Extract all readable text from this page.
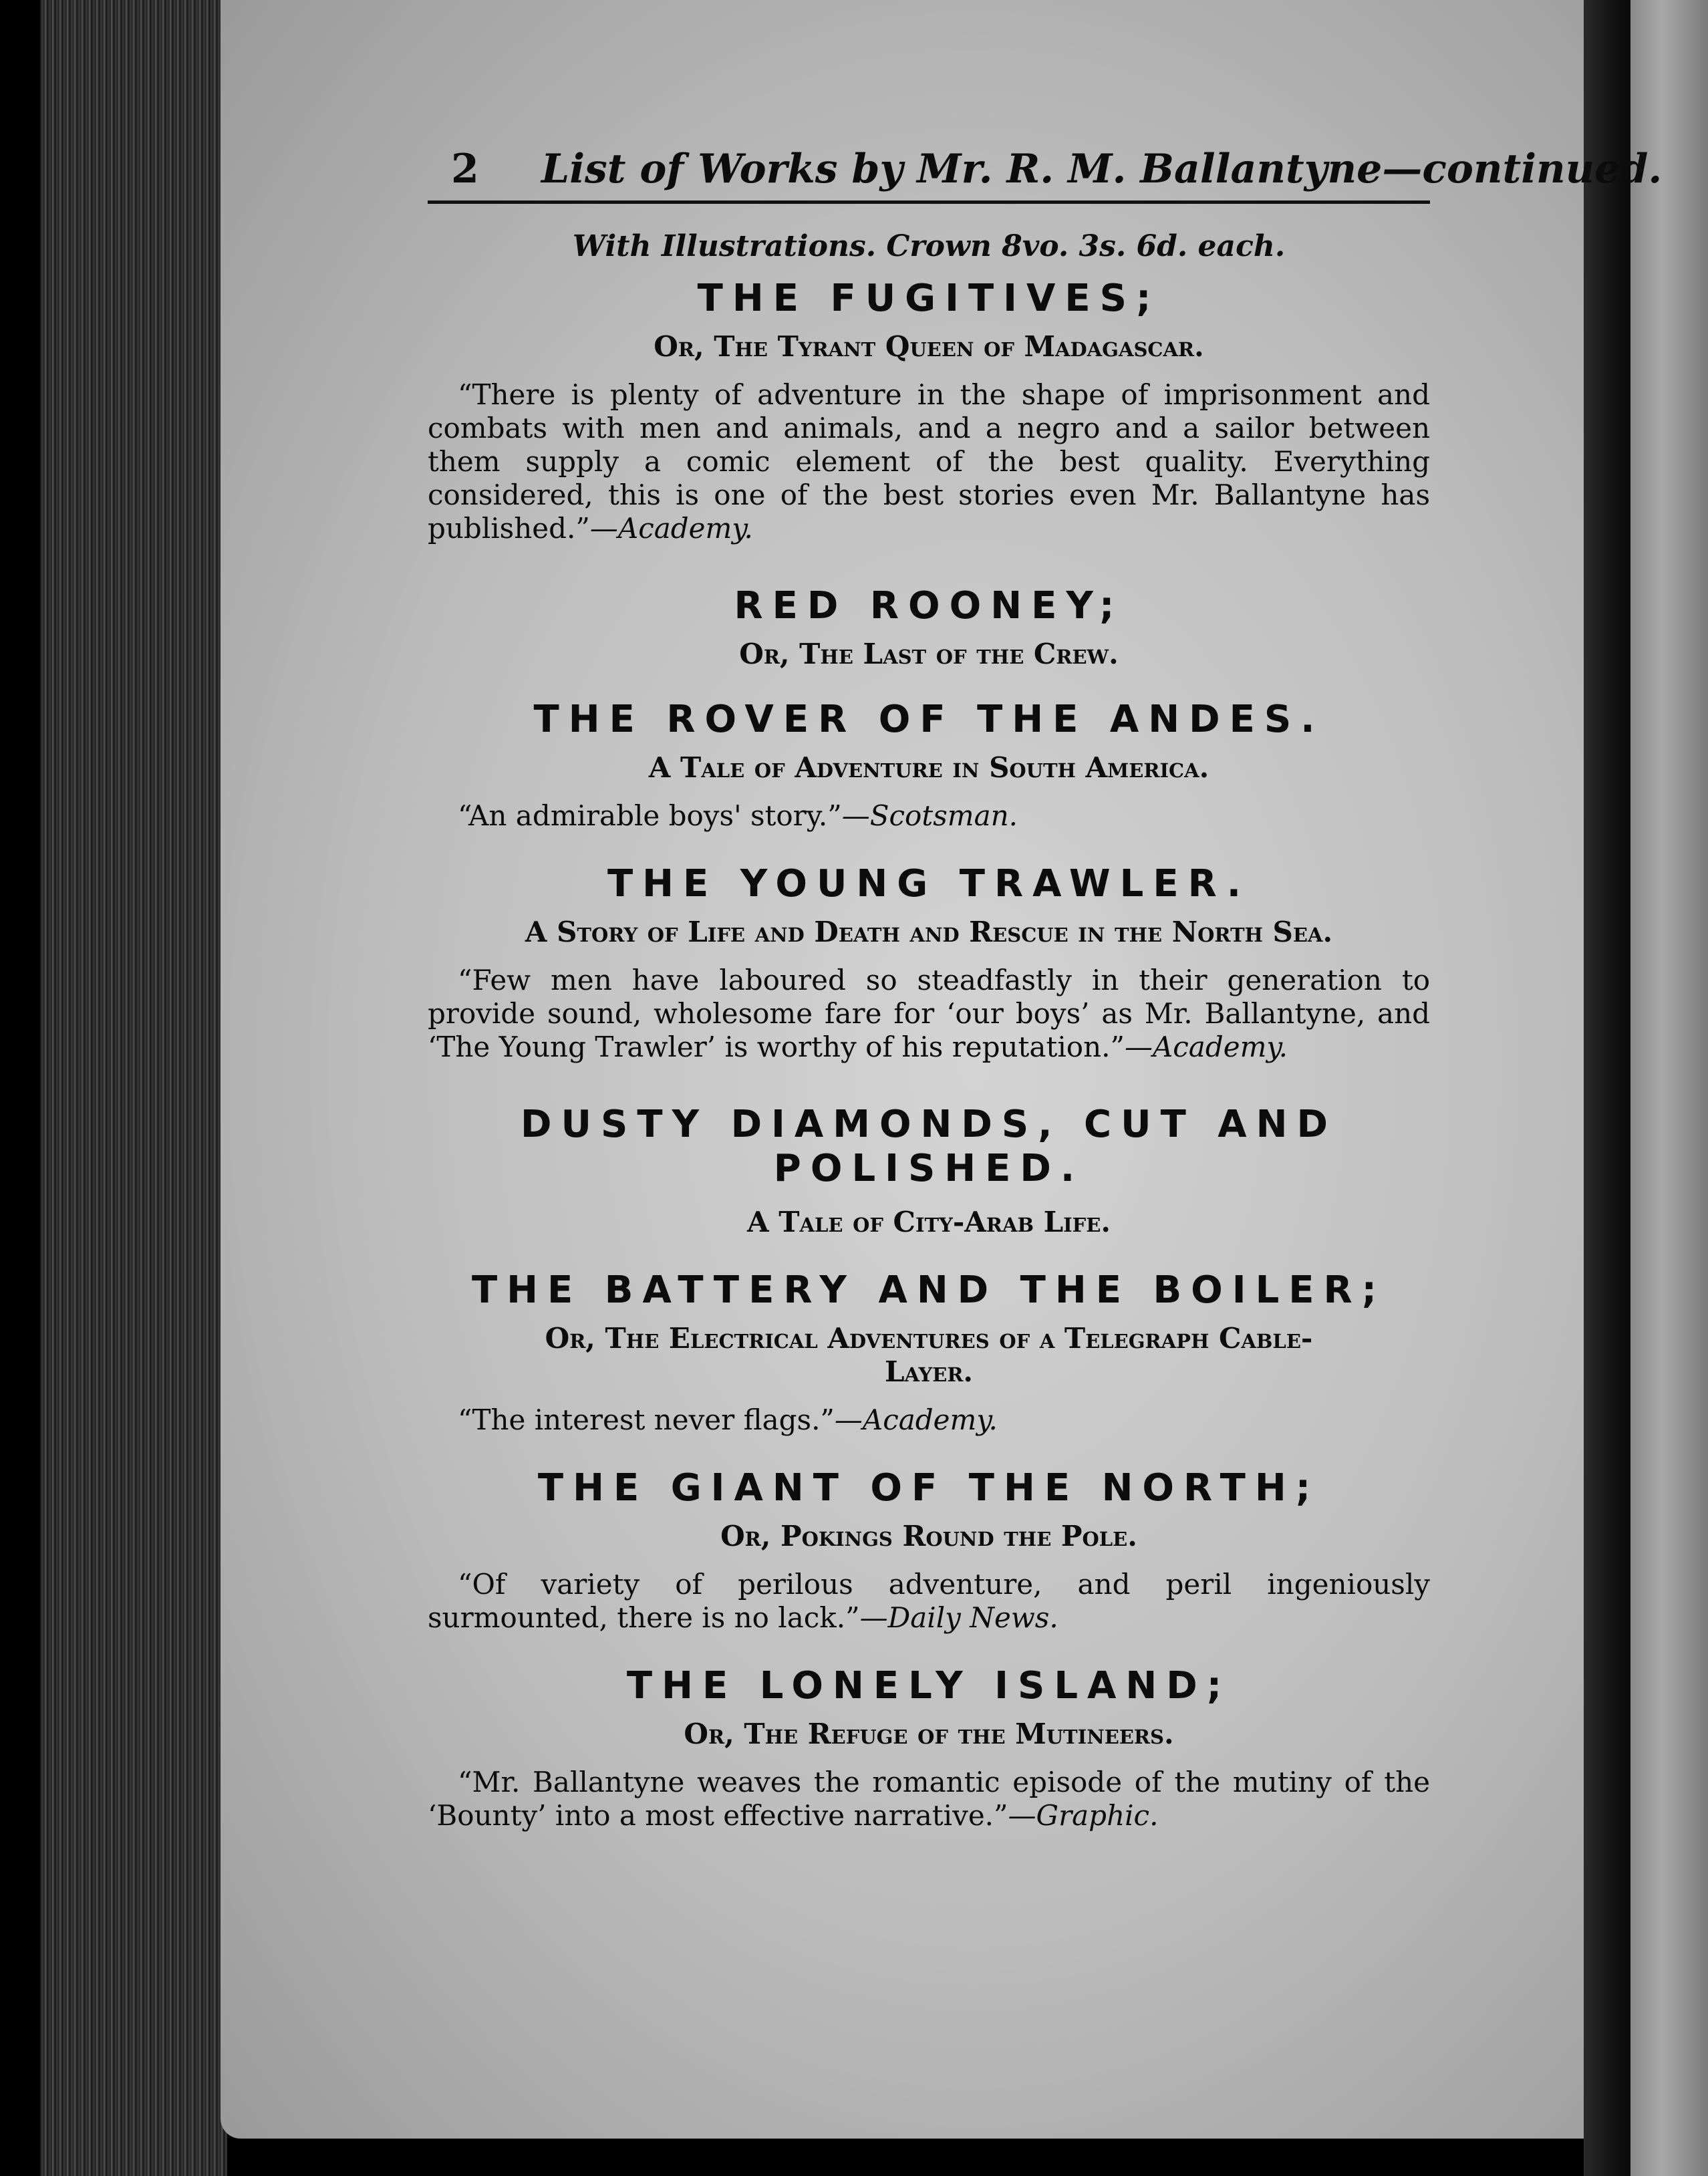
2 List of Works by Mr. R. M. Ballantyne—continued.
With Illustrations. Crown 8vo. 3s. 6d. each.
THE FUGITIVES;
Or, The Tyrant Queen of Madagascar.
“There is plenty of adventure in the shape of imprisonment and combats with men and animals, and a negro and a sailor between them supply a comic element of the best quality. Everything considered, this is one of the best stories even Mr. Ballantyne has published.”—Academy.
RED ROONEY;
Or, The Last of the Crew.
THE ROVER OF THE ANDES.
A Tale of Adventure in South America.
“An admirable boys' story.”—Scotsman.
THE YOUNG TRAWLER.
A Story of Life and Death and Rescue in the North Sea.
“Few men have laboured so steadfastly in their generation to provide sound, wholesome fare for ‘our boys’ as Mr. Ballantyne, and ‘The Young Trawler’ is worthy of his reputation.”—Academy.
DUSTY DIAMONDS, CUT AND POLISHED.
A Tale of City-Arab Life.
THE BATTERY AND THE BOILER;
Or, The Electrical Adventures of a Telegraph Cable-Layer.
“The interest never flags.”—Academy.
THE GIANT OF THE NORTH;
Or, Pokings Round the Pole.
“Of variety of perilous adventure, and peril ingeniously surmounted, there is no lack.”—Daily News.
THE LONELY ISLAND;
Or, The Refuge of the Mutineers.
“Mr. Ballantyne weaves the romantic episode of the mutiny of the ‘Bounty’ into a most effective narrative.”—Graphic.
